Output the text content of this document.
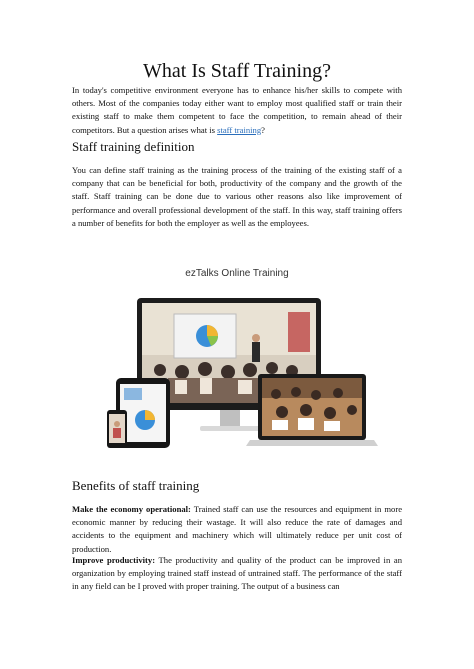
What Is Staff Training?

In today's competitive environment everyone has to enhance his/her skills to compete with others. Most of the companies today either want to employ most qualified staff or train their existing staff to make them competent to face the competition, to remain ahead of their competitors. But a question arises what is staff training?

Staff training definition

You can define staff training as the training process of the training of the existing staff of a company that can be beneficial for both, productivity of the company and the growth of the staff. Staff training can be done due to various other reasons also like improvement of performance and overall professional development of the staff. In this way, staff training offers a number of benefits for both the employer as well as the employees.

ezTalks Online Training
Benefits of staff training

Make the economy operational: Trained staff can use the resources and equipment in more economic manner by reducing their wastage. It will also reduce the rate of damages and accidents to the equipment and machinery which will ultimately reduce per unit cost of production.

Improve productivity: The productivity and quality of the product can be improved in an organization by employing trained staff instead of untrained staff. The performance of the staff in any field can be I proved with proper training. The output of a business can
